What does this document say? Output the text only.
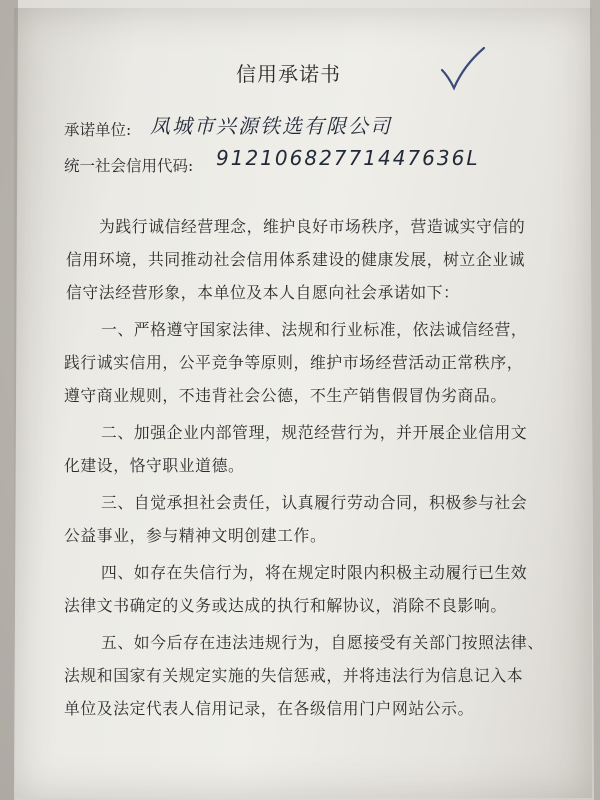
信用承诺书
承诺单位: 凤城市兴源铁选有限公司
统一社会信用代码: 91210682771447636L
为践行诚信经营理念，维护良好市场秩序，营造诚实守信的
信用环境，共同推动社会信用体系建设的健康发展，树立企业诚
信守法经营形象，本单位及本人自愿向社会承诺如下：
一、严格遵守国家法律、法规和行业标准，依法诚信经营，
践行诚实信用，公平竞争等原则，维护市场经营活动正常秩序，
遵守商业规则，不违背社会公德，不生产销售假冒伪劣商品。
二、加强企业内部管理，规范经营行为，并开展企业信用文
化建设，恪守职业道德。
三、自觉承担社会责任，认真履行劳动合同，积极参与社会
公益事业，参与精神文明创建工作。
四、如存在失信行为，将在规定时限内积极主动履行已生效
法律文书确定的义务或达成的执行和解协议，消除不良影响。
五、如今后存在违法违规行为，自愿接受有关部门按照法律、
法规和国家有关规定实施的失信惩戒，并将违法行为信息记入本
单位及法定代表人信用记录，在各级信用门户网站公示。
